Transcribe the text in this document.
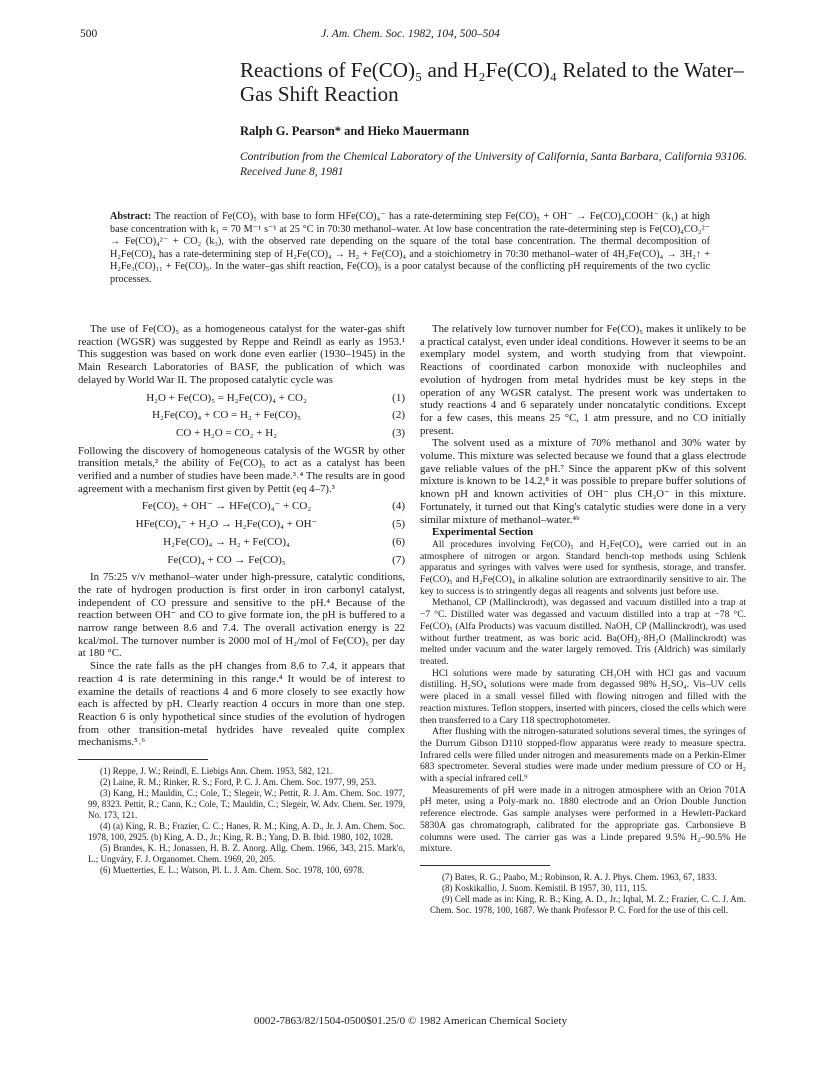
500	J. Am. Chem. Soc. 1982, 104, 500–504
Reactions of Fe(CO)₅ and H₂Fe(CO)₄ Related to the Water–Gas Shift Reaction
Ralph G. Pearson* and Hieko Mauermann
Contribution from the Chemical Laboratory of the University of California, Santa Barbara, California 93106. Received June 8, 1981
Abstract: The reaction of Fe(CO)₅ with base to form HFe(CO)₄⁻ has a rate-determining step Fe(CO)₅ + OH⁻ → Fe(CO)₄COOH⁻ (k₁) at high base concentration with k₁ = 70 M⁻¹ s⁻¹ at 25 °C in 70:30 methanol–water. At low base concentration the rate-determining step is Fe(CO)₄CO₂²⁻ → Fe(CO)₄²⁻ + CO₂ (k₃), with the observed rate depending on the square of the total base concentration. The thermal decomposition of H₂Fe(CO)₄ has a rate-determining step of H₂Fe(CO)₄ → H₂ + Fe(CO)₄ and a stoichiometry in 70:30 methanol–water of 4H₂Fe(CO)₄ → 3H₂↑ + H₂Fe₃(CO)₁₁ + Fe(CO)₅. In the water–gas shift reaction, Fe(CO)₅ is a poor catalyst because of the conflicting pH requirements of the two cyclic processes.

The use of Fe(CO)₅ as a homogeneous catalyst for the water-gas shift reaction (WGSR) was suggested by Reppe and Reindl as early as 1953.¹ This suggestion was based on work done even earlier (1930–1945) in the Main Research Laboratories of BASF, the publication of which was delayed by World War II. The proposed catalytic cycle was

H₂O + Fe(CO)₅ = H₂Fe(CO)₄ + CO₂	(1)
H₂Fe(CO)₄ + CO = H₂ + Fe(CO)₅	(2)
CO + H₂O = CO₂ + H₂	(3)

Following the discovery of homogeneous catalysis of the WGSR by other transition metals,² the ability of Fe(CO)₅ to act as a catalyst has been verified and a number of studies have been made.³˒⁴ The results are in good agreement with a mechanism first given by Pettit (eq 4–7).³

Fe(CO)₅ + OH⁻ → HFe(CO)₄⁻ + CO₂	(4)
HFe(CO)₄⁻ + H₂O → H₂Fe(CO)₄ + OH⁻	(5)
H₂Fe(CO)₄ → H₂ + Fe(CO)₄	(6)
Fe(CO)₄ + CO → Fe(CO)₅	(7)

In 75:25 v/v methanol–water under high-pressure, catalytic conditions, the rate of hydrogen production is first order in iron carbonyl catalyst, independent of CO pressure and sensitive to the pH.⁴ Because of the reaction between OH⁻ and CO to give formate ion, the pH is buffered to a narrow range between 8.6 and 7.4. The overall activation energy is 22 kcal/mol. The turnover number is 2000 mol of H₂/mol of Fe(CO)₅ per day at 180 °C.

Since the rate falls as the pH changes from 8.6 to 7.4, it appears that reaction 4 is rate determining in this range.⁴ It would be of interest to examine the details of reactions 4 and 6 more closely to see exactly how each is affected by pH. Clearly reaction 4 occurs in more than one step. Reaction 6 is only hypothetical since studies of the evolution of hydrogen from other transition-metal hydrides have revealed quite complex mechanisms.⁵˒⁶

(1) Reppe, J. W.; Reindl, E. Liebigs Ann. Chem. 1953, 582, 121.

(2) Laine, R. M.; Rinker, R. S.; Ford, P. C. J. Am. Chem. Soc. 1977, 99, 253.

(3) Kang, H.; Mauldin, C.; Cole, T.; Slegeir, W.; Pettit, R. J. Am. Chem. Soc. 1977, 99, 8323. Pettit, R.; Cann, K.; Cole, T.; Mauldin, C.; Slegeir, W. Adv. Chem. Ser. 1979, No. 173, 121.

(4) (a) King, R. B.; Frazier, C. C.; Hanes, R. M.; King, A. D., Jr. J. Am. Chem. Soc. 1978, 100, 2925. (b) King, A. D., Jr.; King, R. B.; Yang, D. B. Ibid. 1980, 102, 1028.

(5) Brandes, K. H.; Jonassen, H. B. Z. Anorg. Allg. Chem. 1966, 343, 215. Mark'o, L.; Ungváry, F. J. Organomet. Chem. 1969, 20, 205.

(6) Muetterties, E. L.; Watson, Pl. L. J. Am. Chem. Soc. 1978, 100, 6978.

The relatively low turnover number for Fe(CO)₅ makes it unlikely to be a practical catalyst, even under ideal conditions. However it seems to be an exemplary model system, and worth studying from that viewpoint. Reactions of coordinated carbon monoxide with nucleophiles and evolution of hydrogen from metal hydrides must be key steps in the operation of any WGSR catalyst. The present work was undertaken to study reactions 4 and 6 separately under noncatalytic conditions. Except for a few cases, this means 25 °C, 1 atm pressure, and no CO initially present.

The solvent used as a mixture of 70% methanol and 30% water by volume. This mixture was selected because we found that a glass electrode gave reliable values of the pH.⁷ Since the apparent pKw of this solvent mixture is known to be 14.2,⁸ it was possible to prepare buffer solutions of known pH and known activities of OH⁻ plus CH₃O⁻ in this mixture. Fortunately, it turned out that King's catalytic studies were done in a very similar mixture of methanol–water.⁴ᵇ

Experimental Section

All procedures involving Fe(CO)₅ and H₂Fe(CO)₄ were carried out in an atmosphere of nitrogen or argon. Standard bench-top methods using Schlenk apparatus and syringes with valves were used for synthesis, storage, and transfer. Fe(CO)₅ and H₂Fe(CO)₄ in alkaline solution are extraordinarily sensitive to air. The key to success is to stringently degas all reagents and solvents just before use.

Methanol, CP (Mallinckrodt), was degassed and vacuum distilled into a trap at −7 °C. Distilled water was degassed and vacuum distilled into a trap at −78 °C. Fe(CO)₅ (Alfa Products) was vacuum distilled. NaOH, CP (Mallinckrodt), was used without further treatment, as was boric acid. Ba(OH)₂·8H₂O (Mallinckrodt) was melted under vacuum and the water largely removed. Tris (Aldrich) was similarly treated.

HCl solutions were made by saturating CH₃OH with HCl gas and vacuum distilling. H₂SO₄ solutions were made from degassed 98% H₂SO₄. Vis–UV cells were placed in a small vessel filled with flowing nitrogen and filled with the reaction mixtures. Teflon stoppers, inserted with pincers, closed the cells which were then transferred to a Cary 118 spectrophotometer.

After flushing with the nitrogen-saturated solutions several times, the syringes of the Durrum Gibson D110 stopped-flow apparatus were ready to measure spectra. Infrared cells were filled under nitrogen and measurements made on a Perkin-Elmer 683 spectrometer. Several studies were made under medium pressure of CO or H₂ with a special infrared cell.⁹

Measurements of pH were made in a nitrogen atmosphere with an Orion 701A pH meter, using a Poly-mark no. 1880 electrode and an Orion Double Junction reference electrode. Gas sample analyses were performed in a Hewlett-Packard 5830A gas chromatograph, calibrated for the appropriate gas. Carbonsieve B columns were used. The carrier gas was a Linde prepared 9.5% H₂–90.5% He mixture.

(7) Bates, R. G.; Paabo, M.; Robinson, R. A. J. Phys. Chem. 1963, 67, 1833.

(8) Koskikallio, J. Suom. Kemistil. B 1957, 30, 111, 115.

(9) Cell made as in: King, R. B.; King, A. D., Jr.; Iqbal, M. Z.; Frazier, C. C. J. Am. Chem. Soc. 1978, 100, 1687. We thank Professor P. C. Ford for the use of this cell.

0002-7863/82/1504-0500$01.25/0 © 1982 American Chemical Society
